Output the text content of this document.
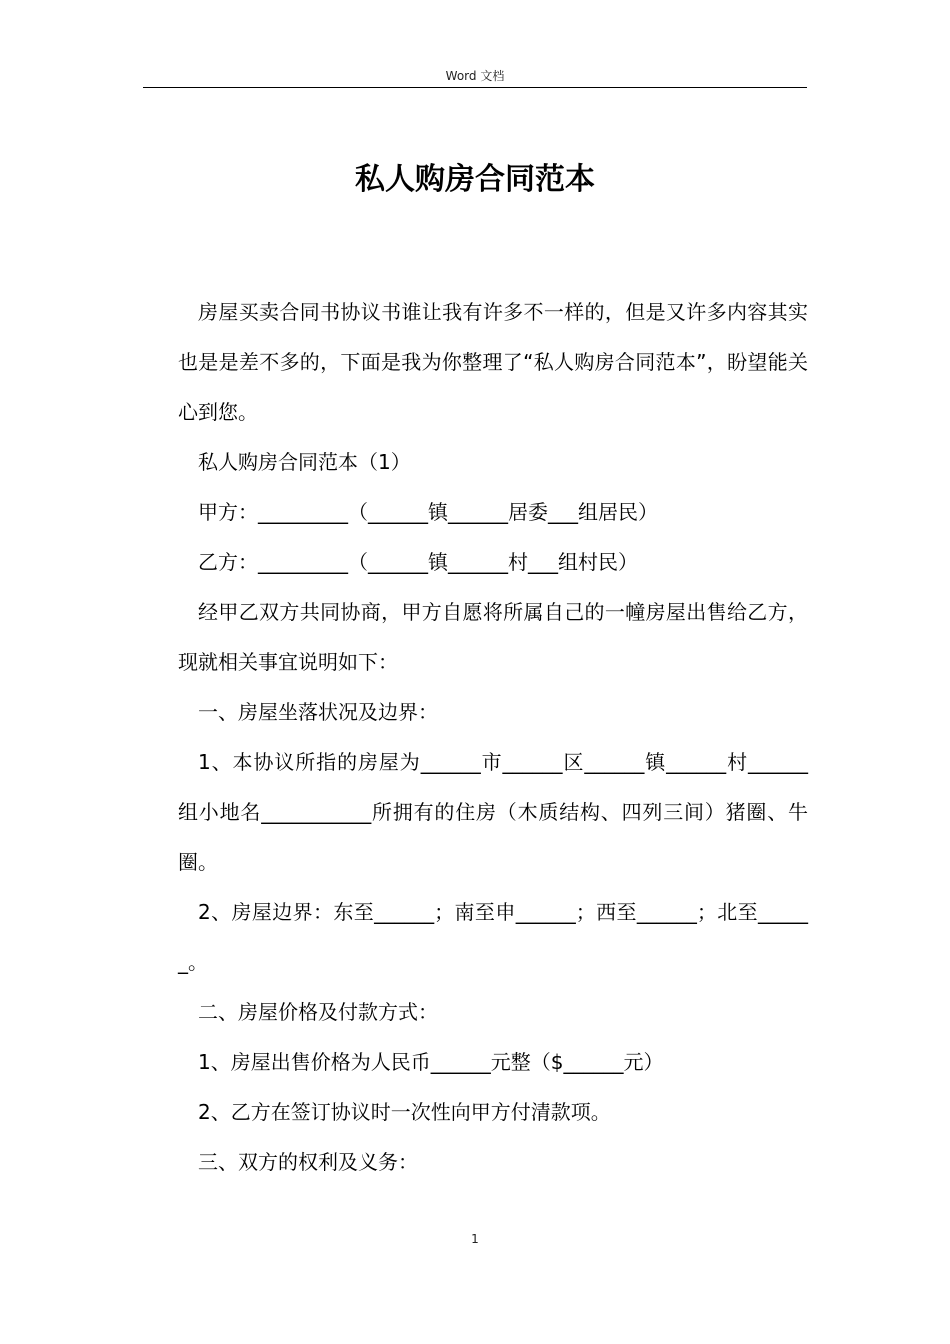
Word 文档
私人购房合同范本

房屋买卖合同书协议书谁让我有许多不一样的，但是又许多内容其实也是是差不多的，下面是我为你整理了“私人购房合同范本”，盼望能关心到您。

私人购房合同范本（1）

甲方：_________（______镇______居委___组居民）

乙方：_________（______镇______村___组村民）

经甲乙双方共同协商，甲方自愿将所属自己的一幢房屋出售给乙方，现就相关事宜说明如下：

一、房屋坐落状况及边界：

1、本协议所指的房屋为______市______区______镇______村______组小地名___________所拥有的住房（木质结构、四列三间）猪圈、牛圈。

2、房屋边界：东至______；南至申______；西至______；北至______。

二、房屋价格及付款方式：

1、房屋出售价格为人民币______元整（$______元）

2、乙方在签订协议时一次性向甲方付清款项。

三、双方的权利及义务：

1
